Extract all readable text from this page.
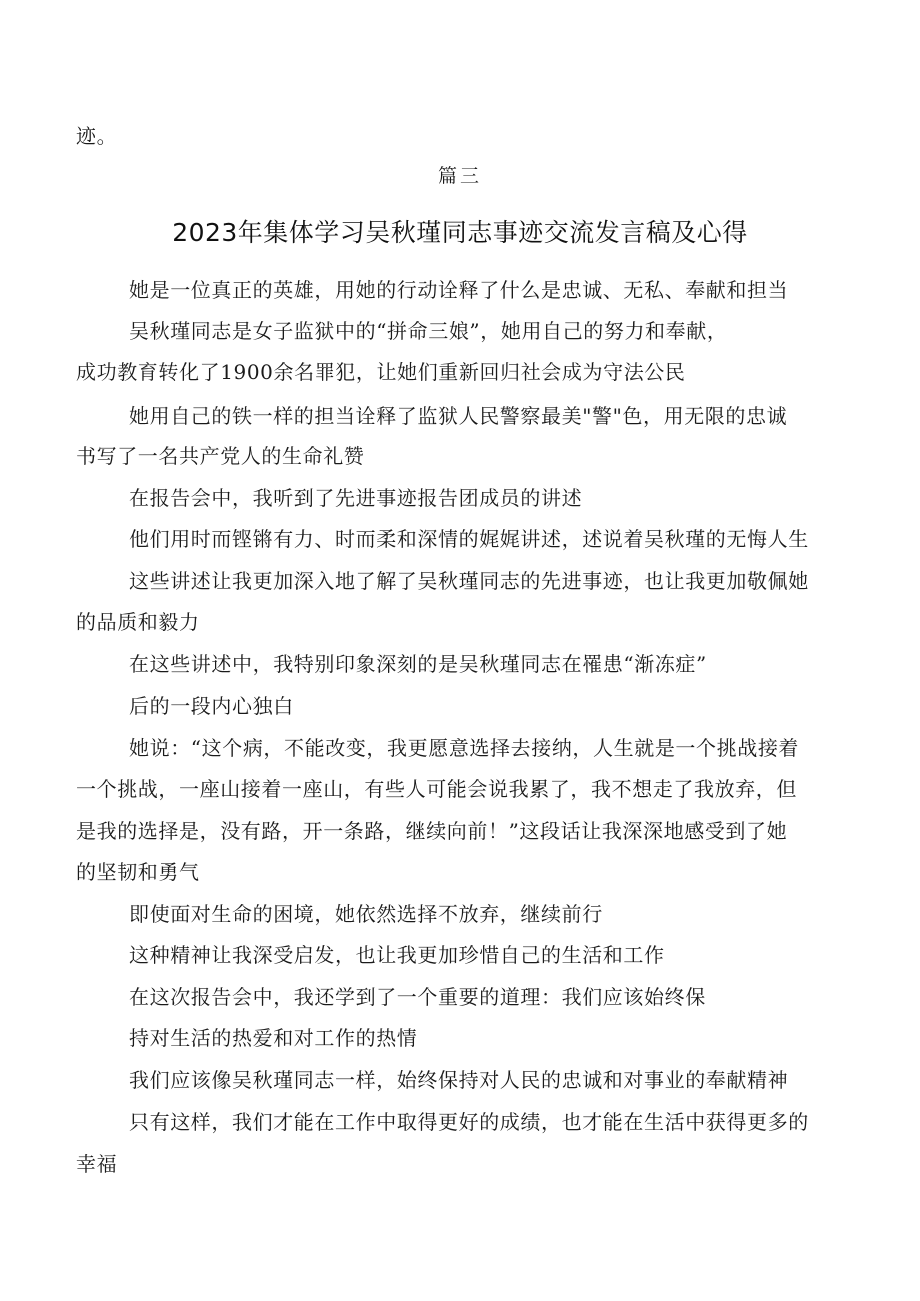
迹。
篇三
2023年集体学习吴秋瑾同志事迹交流发言稿及心得
她是一位真正的英雄，用她的行动诠释了什么是忠诚、无私、奉献和担当
吴秋瑾同志是女子监狱中的“拼命三娘”，她用自己的努力和奉献，
成功教育转化了1900余名罪犯，让她们重新回归社会成为守法公民
她用自己的铁一样的担当诠释了监狱人民警察最美"警"色，用无限的忠诚
书写了一名共产党人的生命礼赞
在报告会中，我听到了先进事迹报告团成员的讲述
他们用时而铿锵有力、时而柔和深情的娓娓讲述，述说着吴秋瑾的无悔人生
这些讲述让我更加深入地了解了吴秋瑾同志的先进事迹，也让我更加敬佩她
的品质和毅力
在这些讲述中，我特别印象深刻的是吴秋瑾同志在罹患“渐冻症”
后的一段内心独白
她说：“这个病，不能改变，我更愿意选择去接纳，人生就是一个挑战接着
一个挑战，一座山接着一座山，有些人可能会说我累了，我不想走了我放弃，但
是我的选择是，没有路，开一条路，继续向前！”这段话让我深深地感受到了她
的坚韧和勇气
即使面对生命的困境，她依然选择不放弃，继续前行
这种精神让我深受启发，也让我更加珍惜自己的生活和工作
在这次报告会中，我还学到了一个重要的道理：我们应该始终保
持对生活的热爱和对工作的热情
我们应该像吴秋瑾同志一样，始终保持对人民的忠诚和对事业的奉献精神
只有这样，我们才能在工作中取得更好的成绩，也才能在生活中获得更多的
幸福
